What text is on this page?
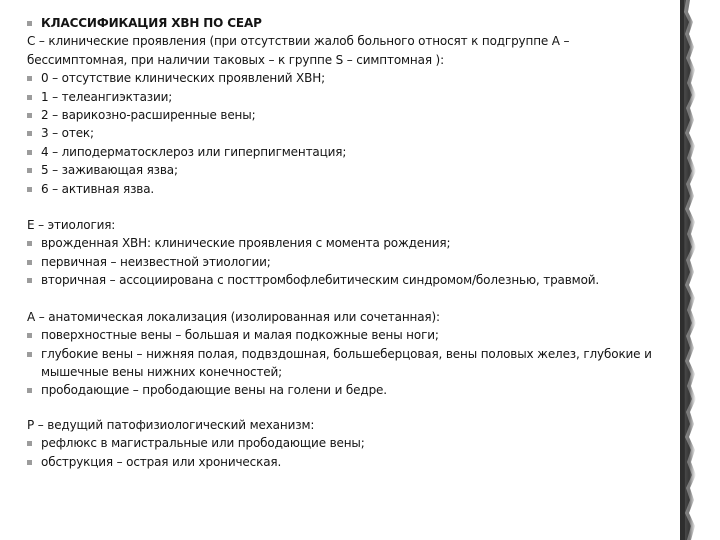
КЛАССИФИКАЦИЯ ХВН ПО CEAP
C – клинические проявления (при отсутствии жалоб больного относят к подгруппе А –
бессимптомная, при наличии таковых – к группе S – симптомная ):
0 – отсутствие клинических проявлений ХВН;
1 – телеангиэктазии;
2 – варикозно-расширенные вены;
3 – отек;
4 – липодерматосклероз или гиперпигментация;
5 – заживающая язва;
6 – активная язва.
E – этиология:
врожденная ХВН: клинические проявления с момента рождения;
первичная – неизвестной этиологии;
вторичная – ассоциирована с посттромбофлебитическим синдромом/болезнью, травмой.
A – анатомическая локализация (изолированная или сочетанная):
поверхностные вены – большая и малая подкожные вены ноги;
глубокие вены – нижняя полая, подвздошная, большеберцовая, вены половых желез, глубокие и мышечные вены нижних конечностей;
прободающие – прободающие вены на голени и бедре.
P – ведущий патофизиологический механизм:
рефлюкс в магистральные или прободающие вены;
обструкция – острая или хроническая.
